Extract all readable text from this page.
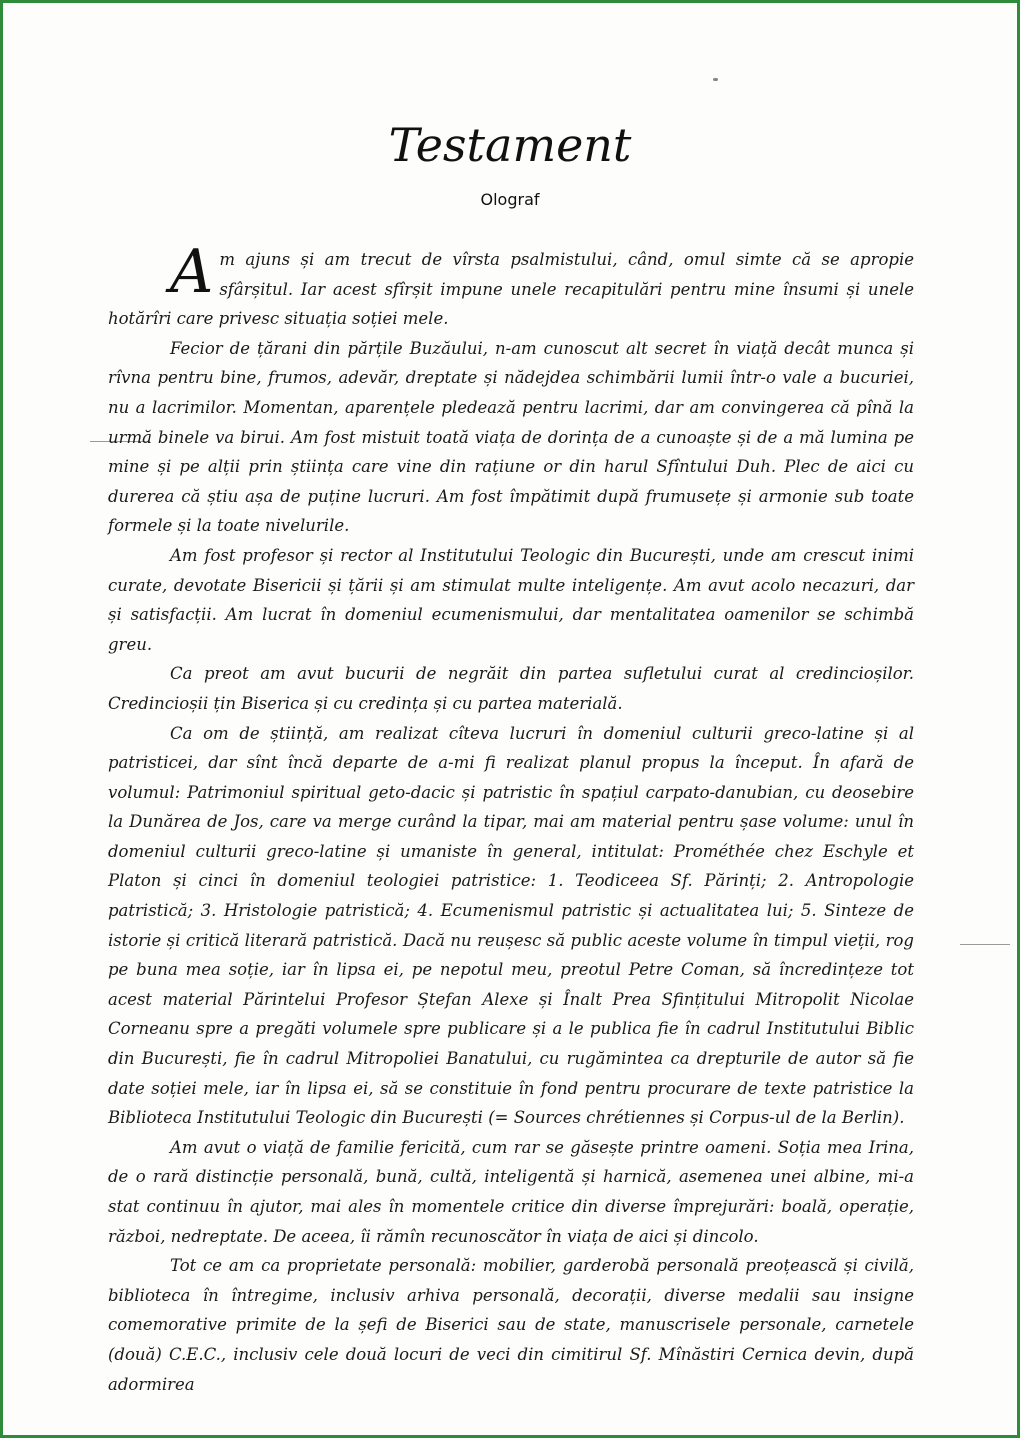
Testament
Olograf

Am ajuns și am trecut de vîrsta psalmistului, când, omul simte că se apropie sfârșitul. Iar acest sfîrșit impune unele recapitulări pentru mine însumi și unele hotărîri care privesc situația soției mele.

Fecior de țărani din părțile Buzăului, n-am cunoscut alt secret în viață decât munca și rîvna pentru bine, frumos, adevăr, dreptate și nădejdea schimbării lumii într-o vale a bucuriei, nu a lacrimilor. Momentan, aparențele pledează pentru lacrimi, dar am convingerea că pînă la urmă binele va birui. Am fost mistuit toată viața de dorința de a cunoaște și de a mă lumina pe mine și pe alții prin știința care vine din rațiune or din harul Sfîntului Duh. Plec de aici cu durerea că știu așa de puține lucruri. Am fost împătimit după frumusețe și armonie sub toate formele și la toate nivelurile.

Am fost profesor și rector al Institutului Teologic din București, unde am crescut inimi curate, devotate Bisericii și țării și am stimulat multe inteligențe. Am avut acolo necazuri, dar și satisfacții. Am lucrat în domeniul ecumenismului, dar mentalitatea oamenilor se schimbă greu.

Ca preot am avut bucurii de negrăit din partea sufletului curat al credincioșilor. Credincioșii țin Biserica și cu credința și cu partea materială.

Ca om de știință, am realizat cîteva lucruri în domeniul culturii greco-latine și al patristicei, dar sînt încă departe de a-mi fi realizat planul propus la început. În afară de volumul: Patrimoniul spiritual geto-dacic și patristic în spațiul carpato-danubian, cu deosebire la Dunărea de Jos, care va merge curând la tipar, mai am material pentru șase volume: unul în domeniul culturii greco-latine și umaniste în general, intitulat: Prométhée chez Eschyle et Platon și cinci în domeniul teologiei patristice: 1. Teodiceea Sf. Părinți; 2. Antropologie patristică; 3. Hristologie patristică; 4. Ecumenismul patristic și actualitatea lui; 5. Sinteze de istorie și critică literară patristică. Dacă nu reușesc să public aceste volume în timpul vieții, rog pe buna mea soție, iar în lipsa ei, pe nepotul meu, preotul Petre Coman, să încredințeze tot acest material Părintelui Profesor Ștefan Alexe și Înalt Prea Sfințitului Mitropolit Nicolae Corneanu spre a pregăti volumele spre publicare și a le publica fie în cadrul Institutului Biblic din București, fie în cadrul Mitropoliei Banatului, cu rugămintea ca drepturile de autor să fie date soției mele, iar în lipsa ei, să se constituie în fond pentru procurare de texte patristice la Biblioteca Institutului Teologic din București (= Sources chrétiennes și Corpus-ul de la Berlin).

Am avut o viață de familie fericită, cum rar se găsește printre oameni. Soția mea Irina, de o rară distincție personală, bună, cultă, inteligentă și harnică, asemenea unei albine, mi-a stat continuu în ajutor, mai ales în momentele critice din diverse împrejurări: boală, operație, război, nedreptate. De aceea, îi rămîn recunoscător în viața de aici și dincolo.

Tot ce am ca proprietate personală: mobilier, garderobă personală preoțească și civilă, biblioteca în întregime, inclusiv arhiva personală, decorații, diverse medalii sau insigne comemorative primite de la șefi de Biserici sau de state, manuscrisele personale, carnetele (două) C.E.C., inclusiv cele două locuri de veci din cimitirul Sf. Mînăstiri Cernica devin, după adormirea
